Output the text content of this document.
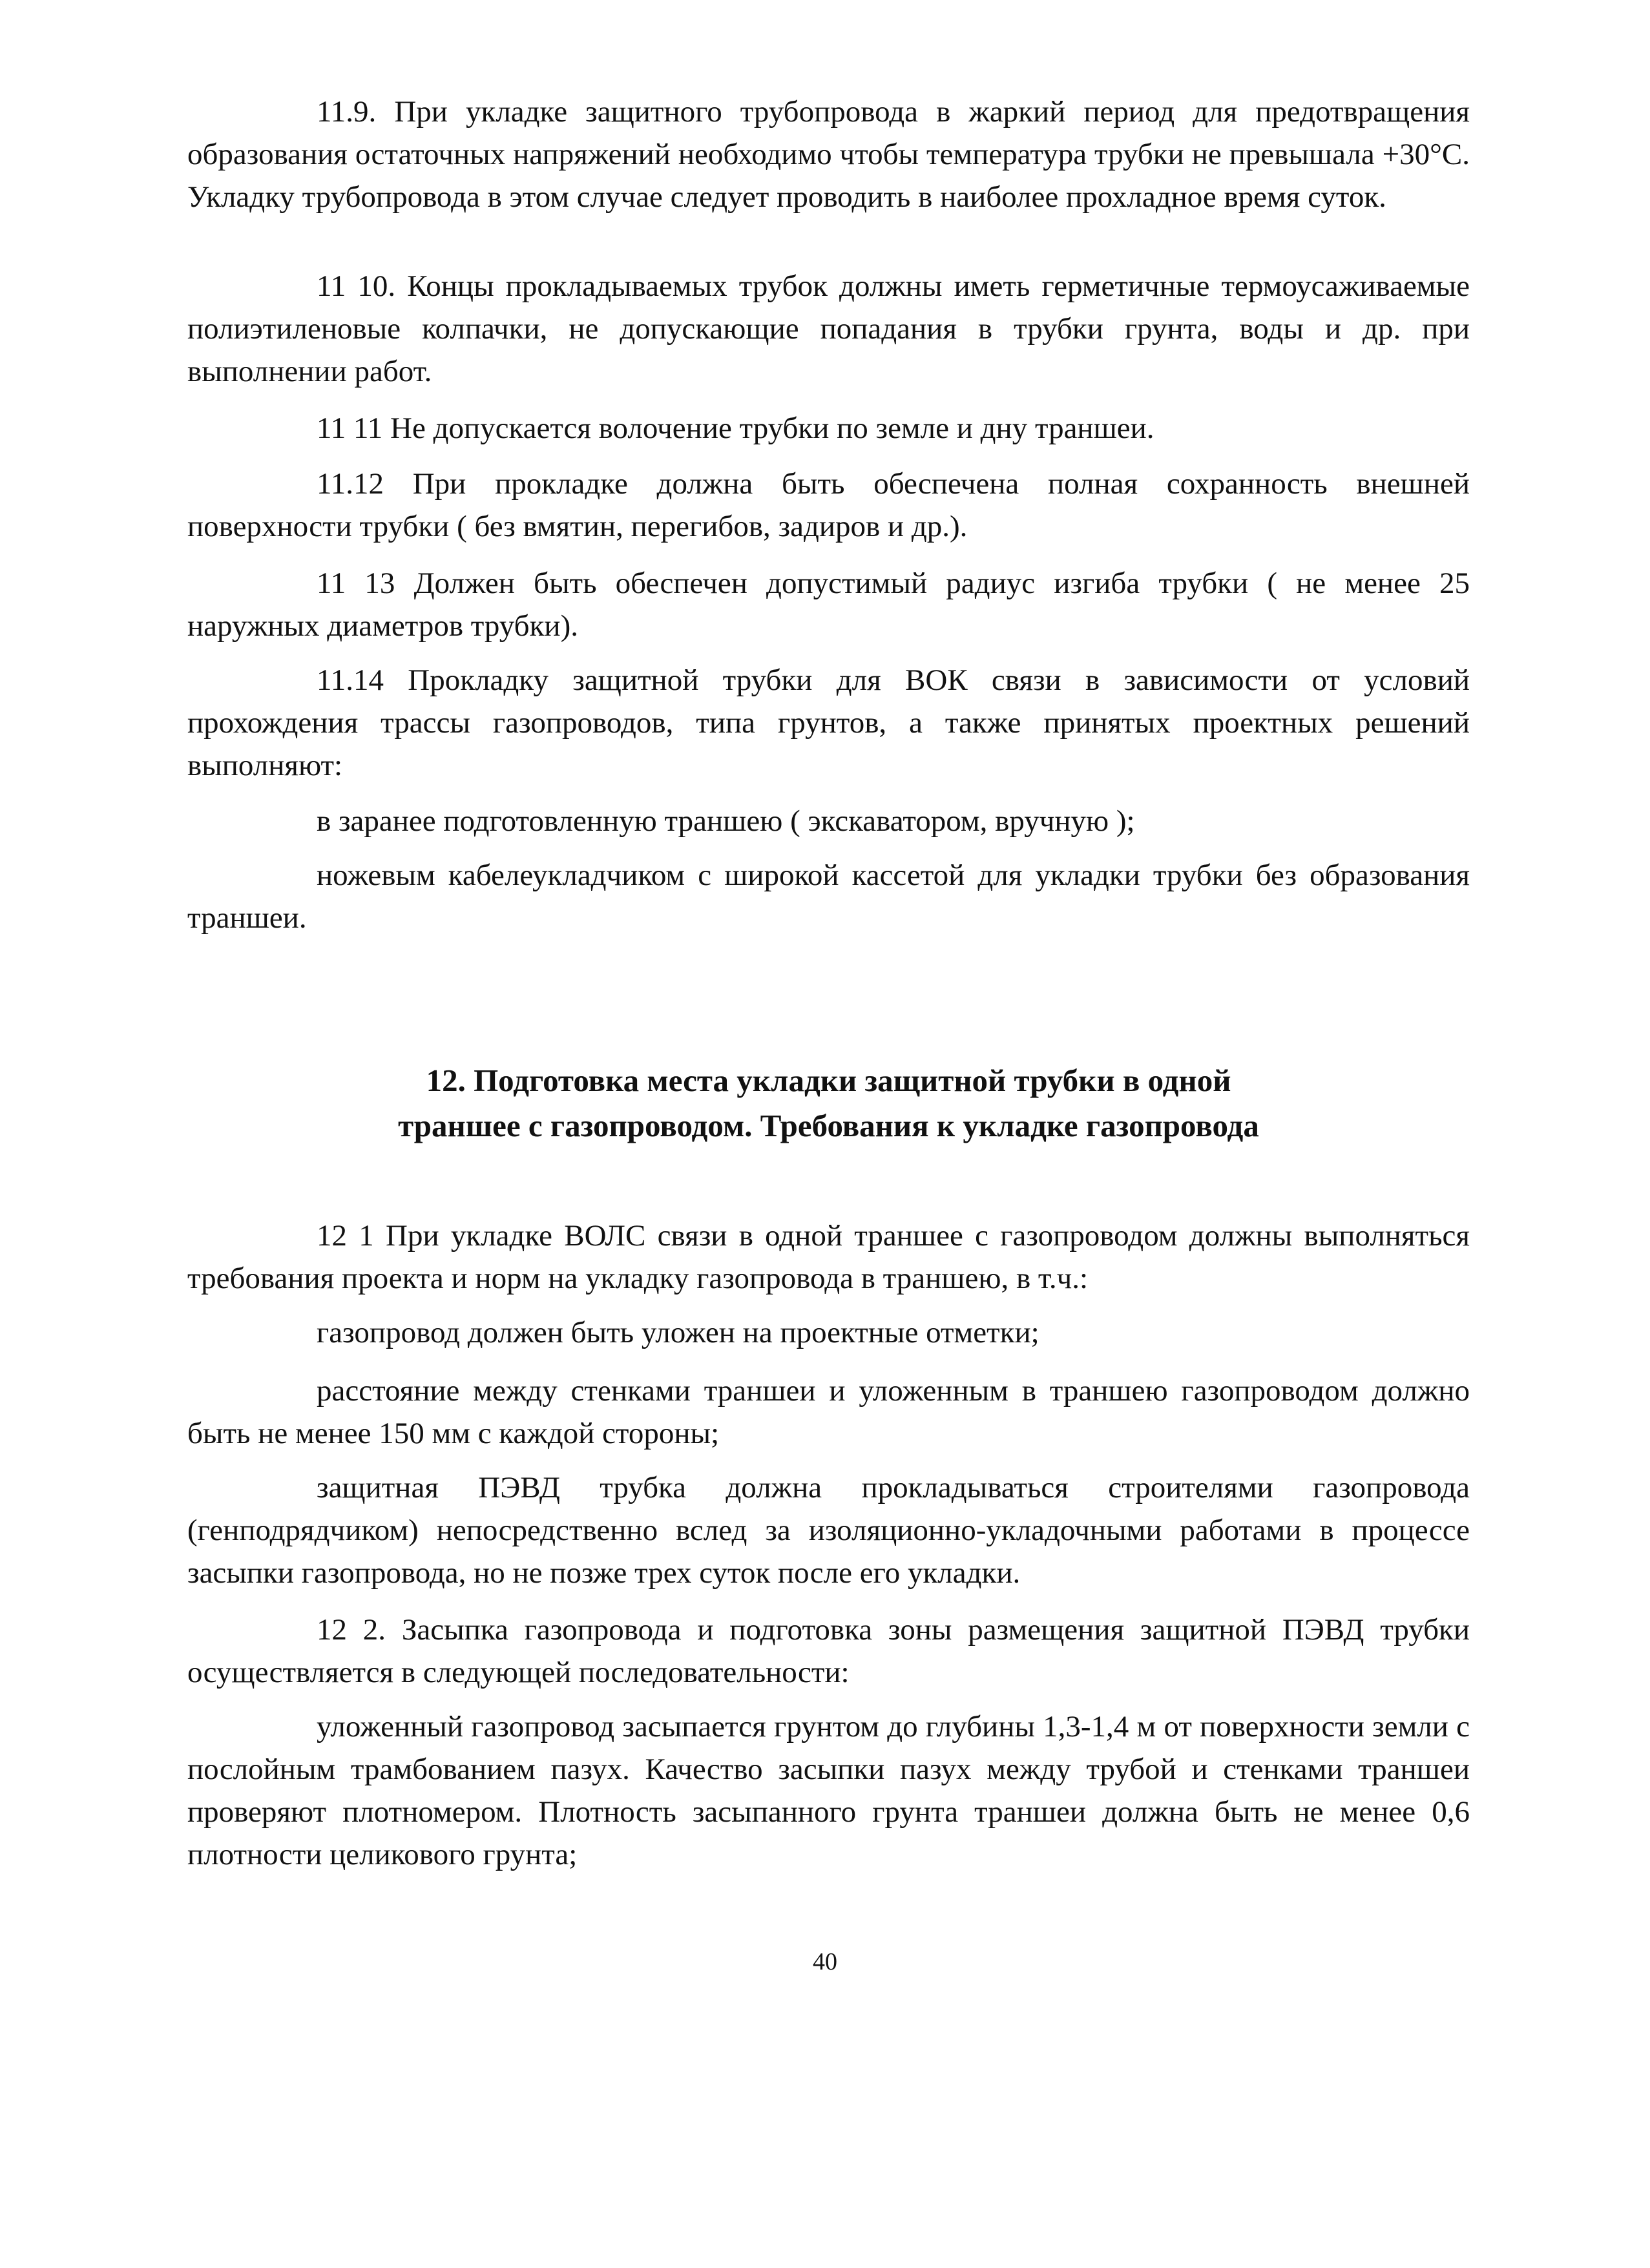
11.9. При укладке защитного трубопровода в жаркий период для предотвращения образования остаточных напряжений необходимо чтобы температура трубки не превышала +30°С. Укладку трубопровода в этом случае следует проводить в наиболее прохладное время суток.

11 10. Концы прокладываемых трубок должны иметь герметичные термоусаживаемые полиэтиленовые колпачки, не допускающие попадания в трубки грунта, воды и др. при выполнении работ.

11 11 Не допускается волочение трубки по земле и дну траншеи.

11.12 При прокладке должна быть обеспечена полная сохранность внешней поверхности трубки ( без вмятин, перегибов, задиров и др.).

11 13 Должен быть обеспечен допустимый радиус изгиба трубки ( не менее 25 наружных диаметров трубки).

11.14 Прокладку защитной трубки для ВОК связи в зависимости от условий прохождения трассы газопроводов, типа грунтов, а также принятых проектных решений выполняют:

в заранее подготовленную траншею ( экскаватором, вручную );

ножевым кабелеукладчиком с широкой кассетой для укладки трубки без образования траншеи.

12. Подготовка места укладки защитной трубки в одной

траншее с газопроводом. Требования к укладке газопровода

12 1 При укладке ВОЛС связи в одной траншее с газопроводом должны выполняться требования проекта и норм на укладку газопровода в траншею, в т.ч.:

газопровод должен быть уложен на проектные отметки;

расстояние между стенками траншеи и уложенным в траншею газопроводом должно быть не менее 150 мм с каждой стороны;

защитная ПЭВД трубка должна прокладываться строителями газопровода (генподрядчиком) непосредственно вслед за изоляционно-укладочными работами в процессе засыпки газопровода, но не позже трех суток после его укладки.

12 2. Засыпка газопровода и подготовка зоны размещения защитной ПЭВД трубки осуществляется в следующей последовательности:

уложенный газопровод засыпается грунтом до глубины 1,3-1,4 м от поверхности земли с послойным трамбованием пазух. Качество засыпки пазух между трубой и стенками траншеи проверяют плотномером. Плотность засыпанного грунта траншеи должна быть не менее 0,6 плотности целикового грунта;

40
